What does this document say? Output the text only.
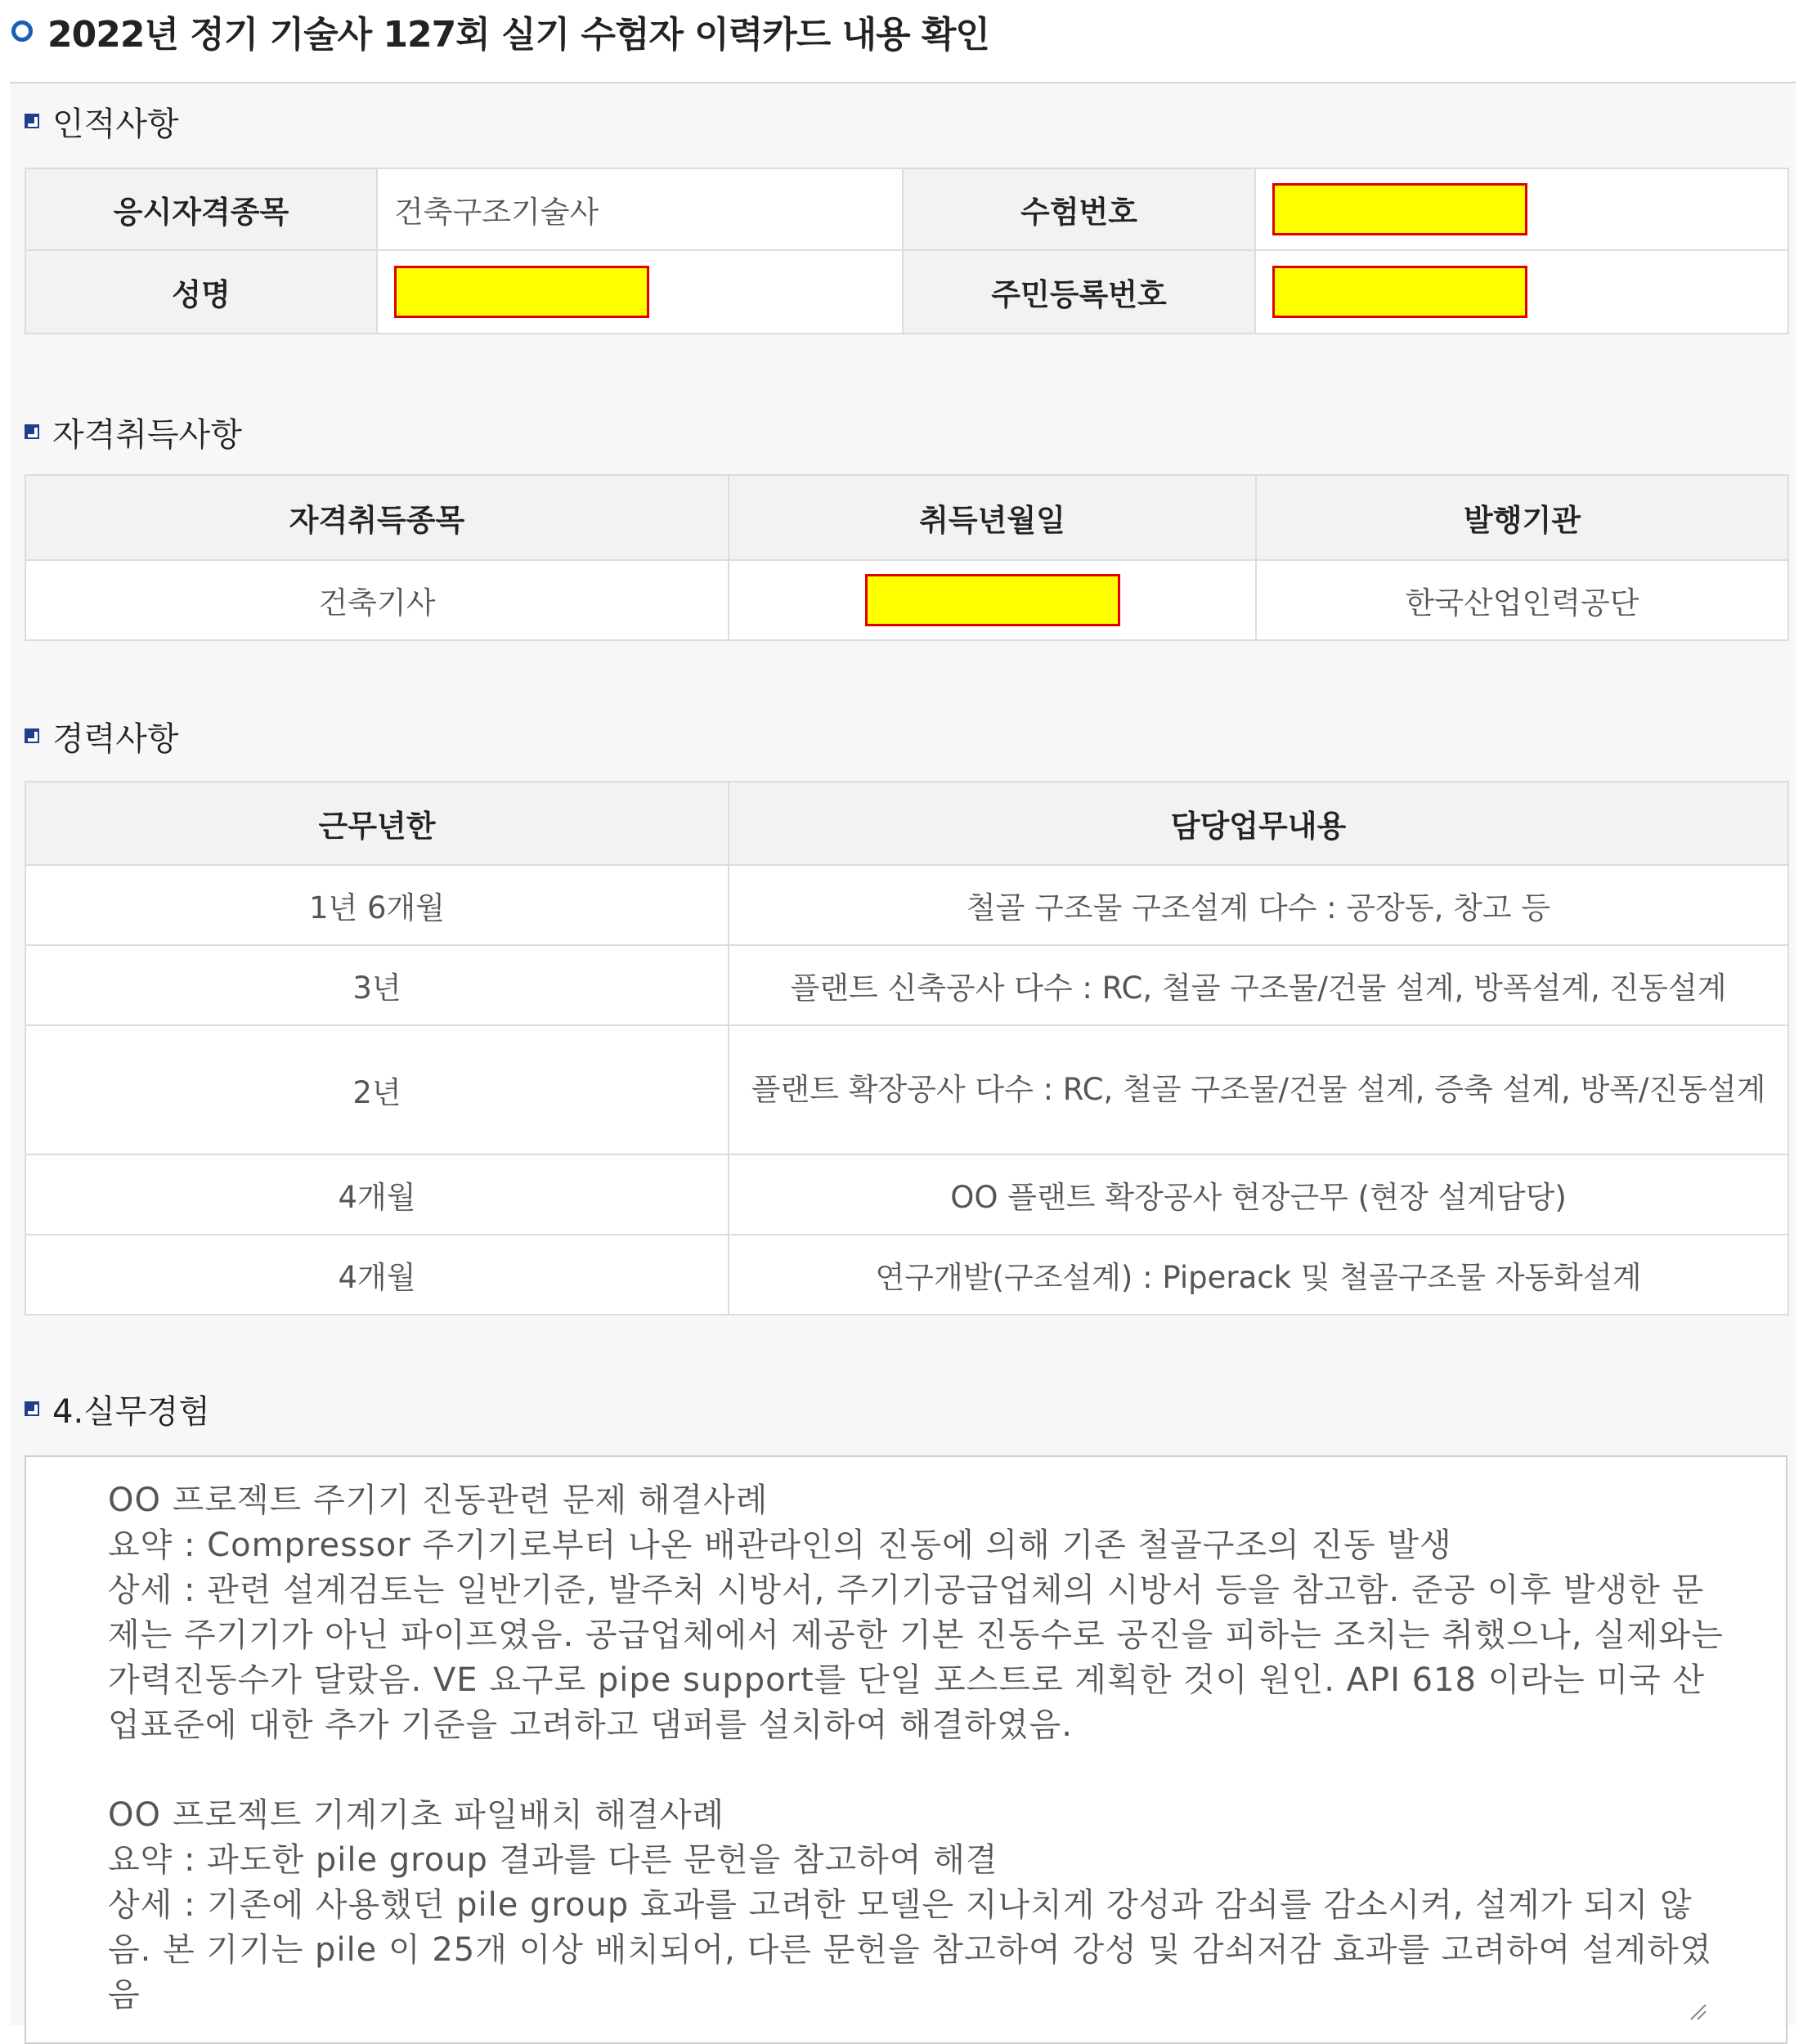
2022년 정기 기술사 127회 실기 수험자 이력카드 내용 확인
인적사항
응시자격종목	건축구조기술사	수험번호	
성명		주민등록번호	
자격취득사항
자격취득종목	취득년월일	발행기관
건축기사		한국산업인력공단
경력사항
근무년한	담당업무내용
1년 6개월	철골 구조물 구조설계 다수 : 공장동, 창고 등
3년	플랜트 신축공사 다수 : RC, 철골 구조물/건물 설계, 방폭설계, 진동설계
2년	플랜트 확장공사 다수 : RC, 철골 구조물/건물 설계, 증축 설계, 방폭/진동설계
4개월	OO 플랜트 확장공사 현장근무 (현장 설계담당)
4개월	연구개발(구조설계) : Piperack 및 철골구조물 자동화설계
4.실무경험
OO 프로젝트 주기기 진동관련 문제 해결사례
요약 : Compressor 주기기로부터 나온 배관라인의 진동에 의해 기존 철골구조의 진동 발생
상세 : 관련 설계검토는 일반기준, 발주처 시방서, 주기기공급업체의 시방서 등을 참고함. 준공 이후 발생한 문제는 주기기가 아닌 파이프였음. 공급업체에서 제공한 기본 진동수로 공진을 피하는 조치는 취했으나, 실제와는 가력진동수가 달랐음. VE 요구로 pipe support를 단일 포스트로 계획한 것이 원인. API 618 이라는 미국 산업표준에 대한 추가 기준을 고려하고 댐퍼를 설치하여 해결하였음.

OO 프로젝트 기계기초 파일배치 해결사례
요약 : 과도한 pile group 결과를 다른 문헌을 참고하여 해결
상세 : 기존에 사용했던 pile group 효과를 고려한 모델은 지나치게 강성과 감쇠를 감소시켜, 설계가 되지 않음. 본 기기는 pile 이 25개 이상 배치되어, 다른 문헌을 참고하여 강성 및 감쇠저감 효과를 고려하여 설계하였음
